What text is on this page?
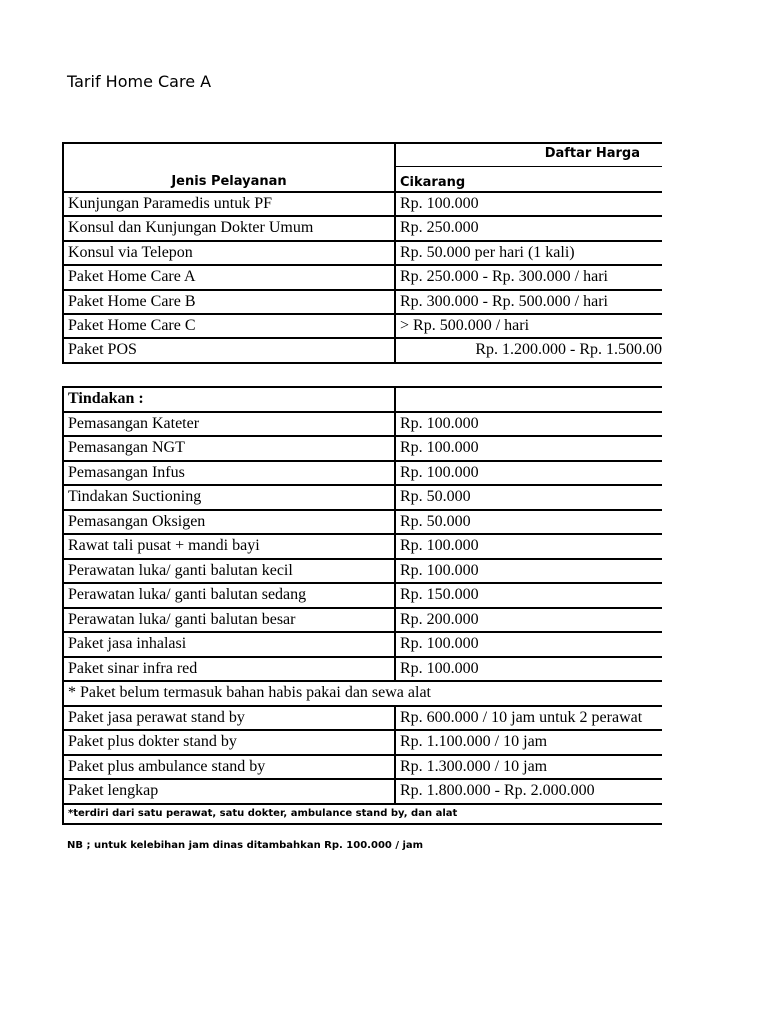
Tarif Home Care A
Jenis Pelayanan
Daftar Harga
Cikarang
Kunjungan Paramedis untuk PF	Rp. 100.000
Konsul dan Kunjungan Dokter Umum	Rp. 250.000
Konsul via Telepon	Rp. 50.000 per hari (1 kali)
Paket Home Care A	Rp. 250.000 - Rp. 300.000 / hari
Paket Home Care B	Rp. 300.000 - Rp. 500.000 / hari
Paket Home Care C	> Rp. 500.000 / hari
Paket POS	Rp. 1.200.000 - Rp. 1.500.00
Tindakan :
Pemasangan Kateter	Rp. 100.000
Pemasangan NGT	Rp. 100.000
Pemasangan Infus	Rp. 100.000
Tindakan Suctioning	Rp. 50.000
Pemasangan Oksigen	Rp. 50.000
Rawat tali pusat + mandi bayi	Rp. 100.000
Perawatan luka/ ganti balutan kecil	Rp. 100.000
Perawatan luka/ ganti balutan sedang	Rp. 150.000
Perawatan luka/ ganti balutan besar	Rp. 200.000
Paket jasa inhalasi	Rp. 100.000
Paket sinar infra red	Rp. 100.000
* Paket belum termasuk bahan habis pakai dan sewa alat
Paket jasa perawat stand by	Rp. 600.000 / 10 jam untuk 2 perawat
Paket plus dokter stand by	Rp. 1.100.000 / 10 jam
Paket plus ambulance stand by	Rp. 1.300.000 / 10 jam
Paket lengkap	Rp. 1.800.000 - Rp. 2.000.000
*terdiri dari satu perawat, satu dokter, ambulance stand by, dan alat
NB ; untuk kelebihan jam dinas ditambahkan Rp. 100.000 / jam
